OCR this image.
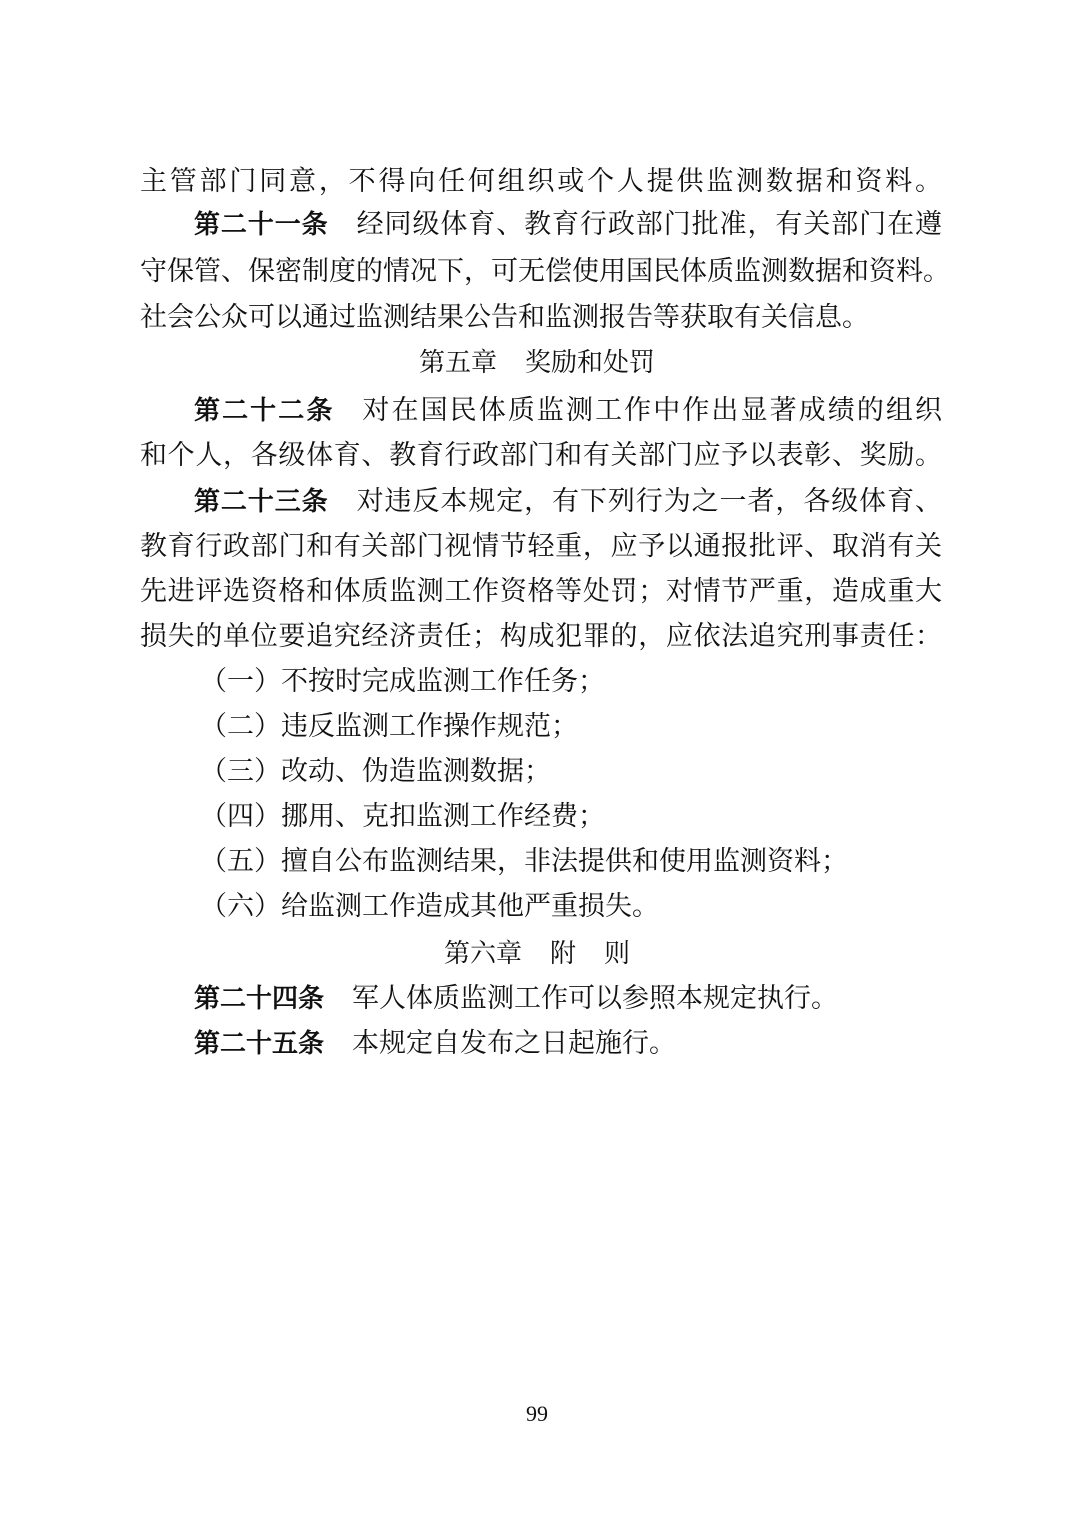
主管部门同意，不得向任何组织或个人提供监测数据和资料。
第二十一条 经同级体育、教育行政部门批准，有关部门在遵
守保管、保密制度的情况下，可无偿使用国民体质监测数据和资料。
社会公众可以通过监测结果公告和监测报告等获取有关信息。
第五章 奖励和处罚
第二十二条 对在国民体质监测工作中作出显著成绩的组织
和个人，各级体育、教育行政部门和有关部门应予以表彰、奖励。
第二十三条 对违反本规定，有下列行为之一者，各级体育、
教育行政部门和有关部门视情节轻重，应予以通报批评、取消有关
先进评选资格和体质监测工作资格等处罚；对情节严重，造成重大
损失的单位要追究经济责任；构成犯罪的，应依法追究刑事责任：
（一）不按时完成监测工作任务；
（二）违反监测工作操作规范；
（三）改动、伪造监测数据；
（四）挪用、克扣监测工作经费；
（五）擅自公布监测结果，非法提供和使用监测资料；
（六）给监测工作造成其他严重损失。
第六章 附 则
第二十四条 军人体质监测工作可以参照本规定执行。
第二十五条 本规定自发布之日起施行。
99
